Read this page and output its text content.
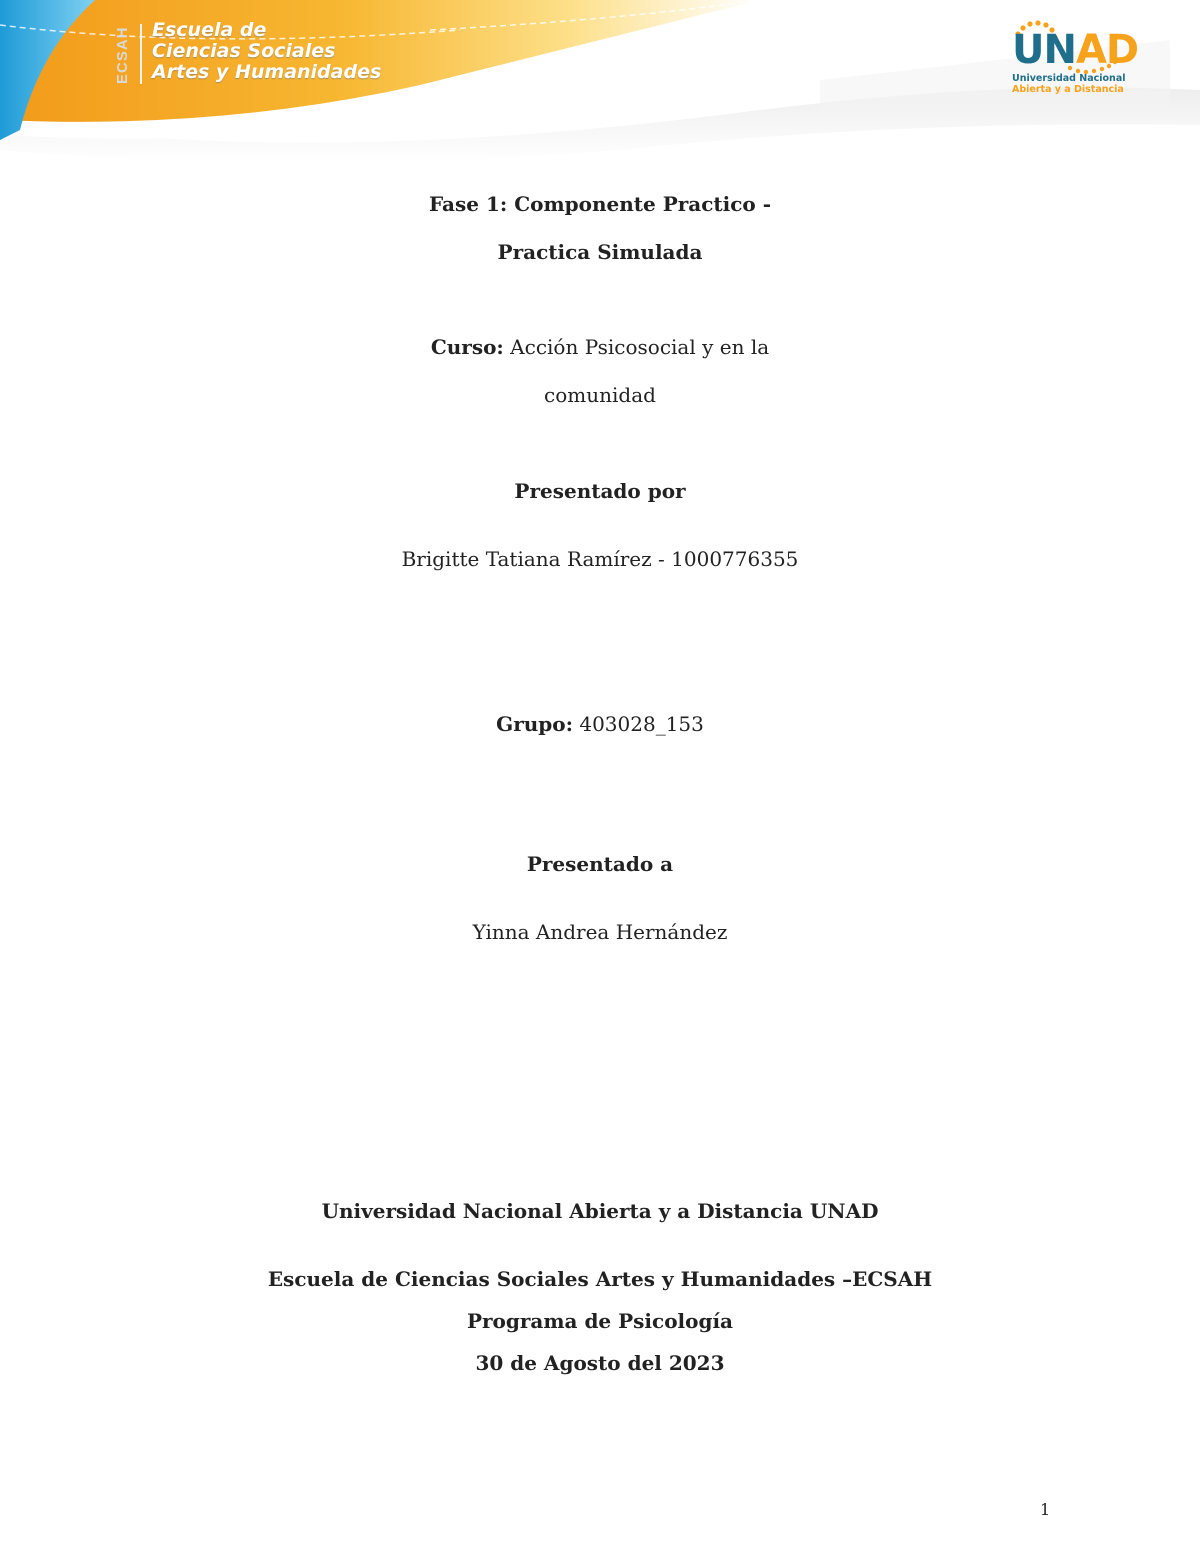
ECSAH Escuela de
Ciencias Sociales
Artes y Humanidades	UNAD
Universidad Nacional
Abierta y a Distancia
Fase 1: Componente Practico -
Practica Simulada
Curso: Acción Psicosocial y en la
comunidad
Presentado por
Brigitte Tatiana Ramírez - 1000776355
Grupo: 403028_153
Presentado a
Yinna Andrea Hernández
Universidad Nacional Abierta y a Distancia UNAD
Escuela de Ciencias Sociales Artes y Humanidades –ECSAH
Programa de Psicología
30 de Agosto del 2023
1
